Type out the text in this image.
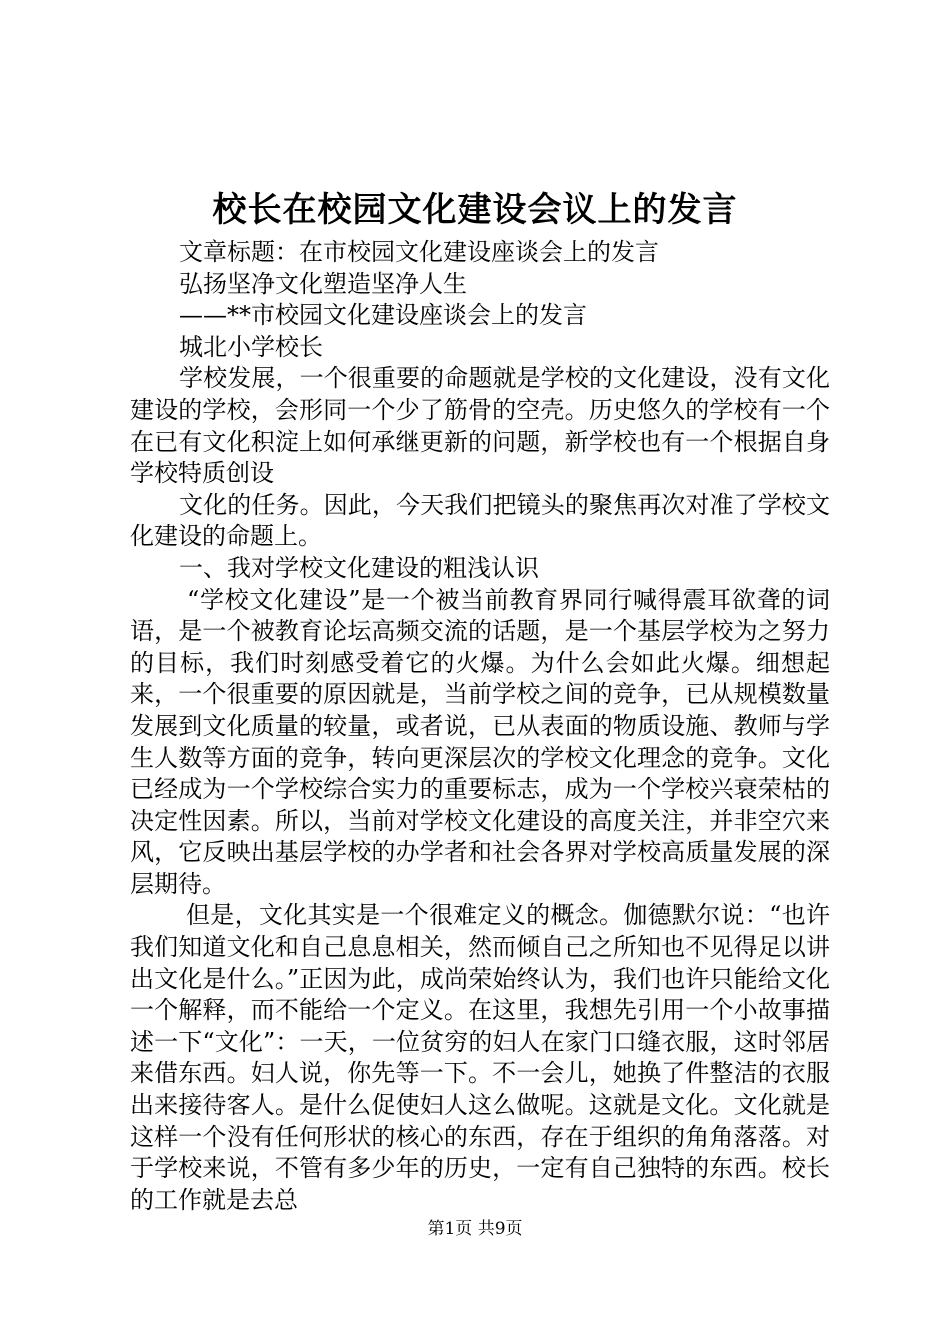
校长在校园文化建设会议上的发言

文章标题：在市校园文化建设座谈会上的发言

弘扬坚净文化塑造坚净人生

——**市校园文化建设座谈会上的发言

城北小学校长

学校发展，一个很重要的命题就是学校的文化建设，没有文化建设的学校，会形同一个少了筋骨的空壳。历史悠久的学校有一个在已有文化积淀上如何承继更新的问题，新学校也有一个根据自身学校特质创设

文化的任务。因此，今天我们把镜头的聚焦再次对准了学校文化建设的命题上。

一、我对学校文化建设的粗浅认识

“学校文化建设”是一个被当前教育界同行喊得震耳欲聋的词语，是一个被教育论坛高频交流的话题，是一个基层学校为之努力的目标，我们时刻感受着它的火爆。为什么会如此火爆。细想起来，一个很重要的原因就是，当前学校之间的竞争，已从规模数量发展到文化质量的较量，或者说，已从表面的物质设施、教师与学生人数等方面的竞争，转向更深层次的学校文化理念的竞争。文化已经成为一个学校综合实力的重要标志，成为一个学校兴衰荣枯的决定性因素。所以，当前对学校文化建设的高度关注，并非空穴来风，它反映出基层学校的办学者和社会各界对学校高质量发展的深层期待。

但是，文化其实是一个很难定义的概念。伽德默尔说：“也许我们知道文化和自己息息相关，然而倾自己之所知也不见得足以讲出文化是什么。”正因为此，成尚荣始终认为，我们也许只能给文化一个解释，而不能给一个定义。在这里，我想先引用一个小故事描述一下“文化”：一天，一位贫穷的妇人在家门口缝衣服，这时邻居来借东西。妇人说，你先等一下。不一会儿，她换了件整洁的衣服出来接待客人。是什么促使妇人这么做呢。这就是文化。文化就是这样一个没有任何形状的核心的东西，存在于组织的角角落落。对于学校来说，不管有多少年的历史，一定有自己独特的东西。校长的工作就是去总

第1页 共9页
